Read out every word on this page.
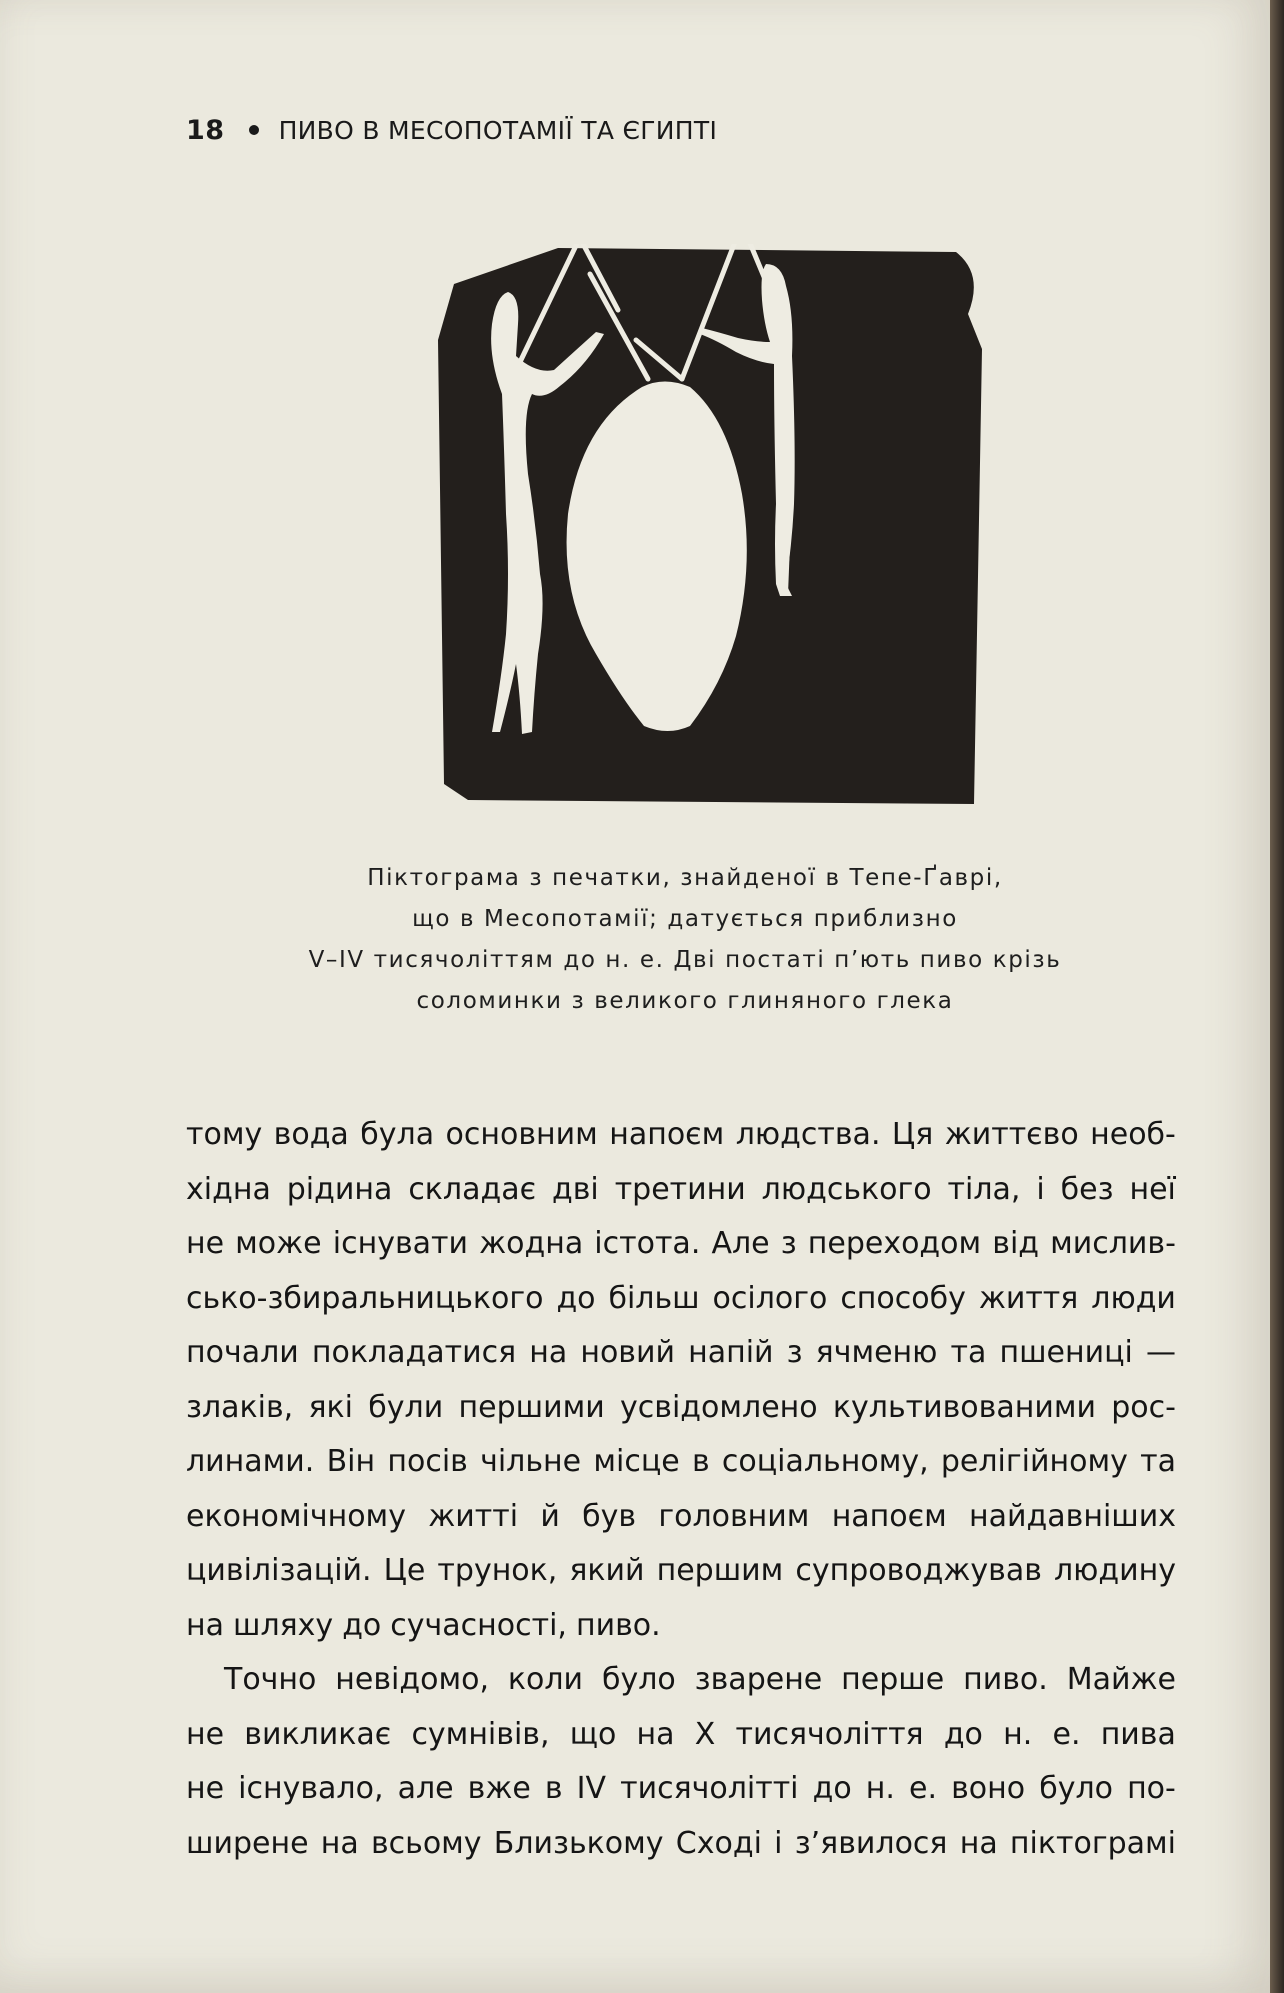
18 ПИВО В МЕСОПОТАМІЇ ТА ЄГИПТІ
Піктограма з печатки, знайденої в Тепе-Ґаврі,
що в Месопотамії; датується приблизно
V–IV тисячоліттям до н. е. Дві постаті п’ють пиво крізь
соломинки з великого глиняного глека
тому вода була основним напоєм людства. Ця життєво необ-
хідна рідина складає дві третини людського тіла, і без неї
не може існувати жодна істота. Але з переходом від мислив-
сько-збиральницького до більш осілого способу життя люди
почали покладатися на новий напій з ячменю та пшениці —
злаків, які були першими усвідомлено культивованими рос-
линами. Він посів чільне місце в соціальному, релігійному та
економічному житті й був головним напоєм найдавніших
цивілізацій. Це трунок, який першим супроводжував людину
на шляху до сучасності, пиво.
Точно невідомо, коли було зварене перше пиво. Майже
не викликає сумнівів, що на X тисячоліття до н. е. пива
не існувало, але вже в IV тисячолітті до н. е. воно було по-
ширене на всьому Близькому Сході і з’явилося на піктограмі
